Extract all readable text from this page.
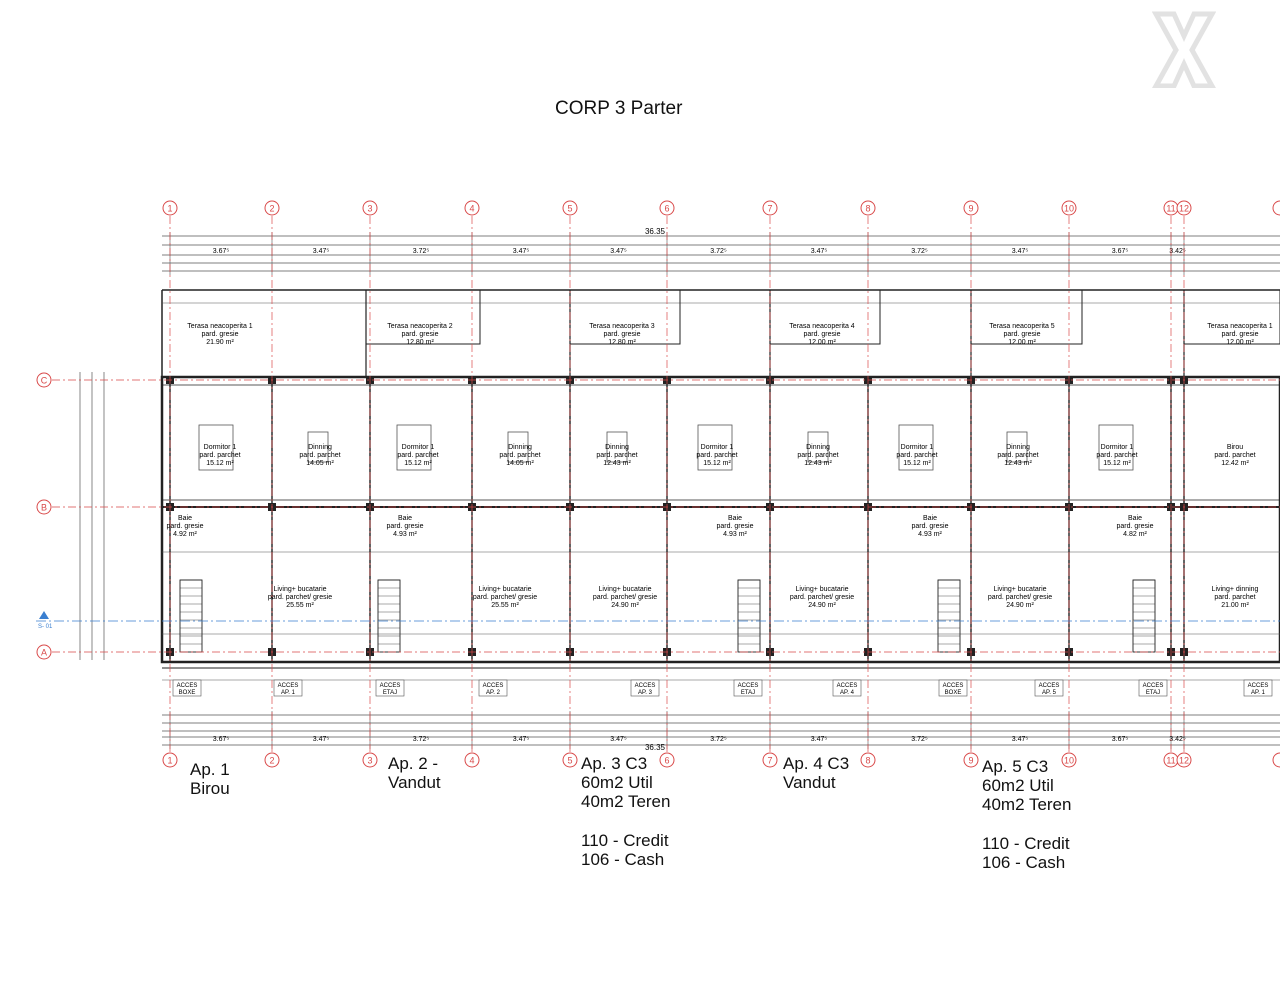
36.35
36.35
3.67⁵
3.67⁵
3.47⁵
3.47⁵
3.72⁵
3.72⁵
3.47⁵
3.47⁵
3.47⁵
3.47⁵
3.72⁵
3.72⁵
3.47⁵
3.47⁵
3.72⁵
3.72⁵
3.47⁵
3.47⁵
3.67⁵
3.67⁵
3.42⁵
3.42⁵
1
1
2
2
3
3
4
4
5
5
6
6
7
7
8
8
9
9
10
10
11
11
12
12
C
B
A
S- 01
Terasa neacoperita 1 pard. gresie 21.90 m²
Terasa neacoperita 2 pard. gresie 12.80 m²
Terasa neacoperita 3 pard. gresie 12.80 m²
Terasa neacoperita 4 pard. gresie 12.00 m²
Terasa neacoperita 5 pard. gresie 12.00 m²
Terasa neacoperita 1 pard. gresie 12.00 m²
Dormitor 1 pard. parchet 15.12 m²
Dinning pard. parchet 14.05 m²
Dormitor 1 pard. parchet 15.12 m²
Dinning pard. parchet 14.05 m²
Dinning pard. parchet 12.43 m²
Dormitor 1 pard. parchet 15.12 m²
Dinning pard. parchet 12.43 m²
Dormitor 1 pard. parchet 15.12 m²
Dinning pard. parchet 12.43 m²
Dormitor 1 pard. parchet 15.12 m²
Birou pard. parchet 12.42 m²
Living+ bucatarie pard. parchet/ gresie 25.55 m²
Living+ bucatarie pard. parchet/ gresie 25.55 m²
Living+ bucatarie pard. parchet/ gresie 24.90 m²
Living+ bucatarie pard. parchet/ gresie 24.90 m²
Living+ bucatarie pard. parchet/ gresie 24.90 m²
Living+ dinning pard. parchet 21.00 m²
Baie pard. gresie 4.92 m²
Baie pard. gresie 4.93 m²
Baie pard. gresie 4.93 m²
Baie pard. gresie 4.93 m²
Baie pard. gresie 4.82 m²
ACCES BOXE
ACCES AP. 1
ACCES ETAJ
ACCES AP. 2
ACCES AP. 3
ACCES ETAJ
ACCES AP. 4
ACCES BOXE
ACCES AP. 5
ACCES ETAJ
ACCES AP. 1
CORP 3 Parter
Ap. 1
Birou
Ap. 2 -
Vandut
Ap. 3 C3
60m2 Util
40m2 Teren
110 - Credit
106 - Cash
Ap. 4 C3
Vandut
Ap. 5 C3
60m2 Util
40m2 Teren
110 - Credit
106 - Cash
